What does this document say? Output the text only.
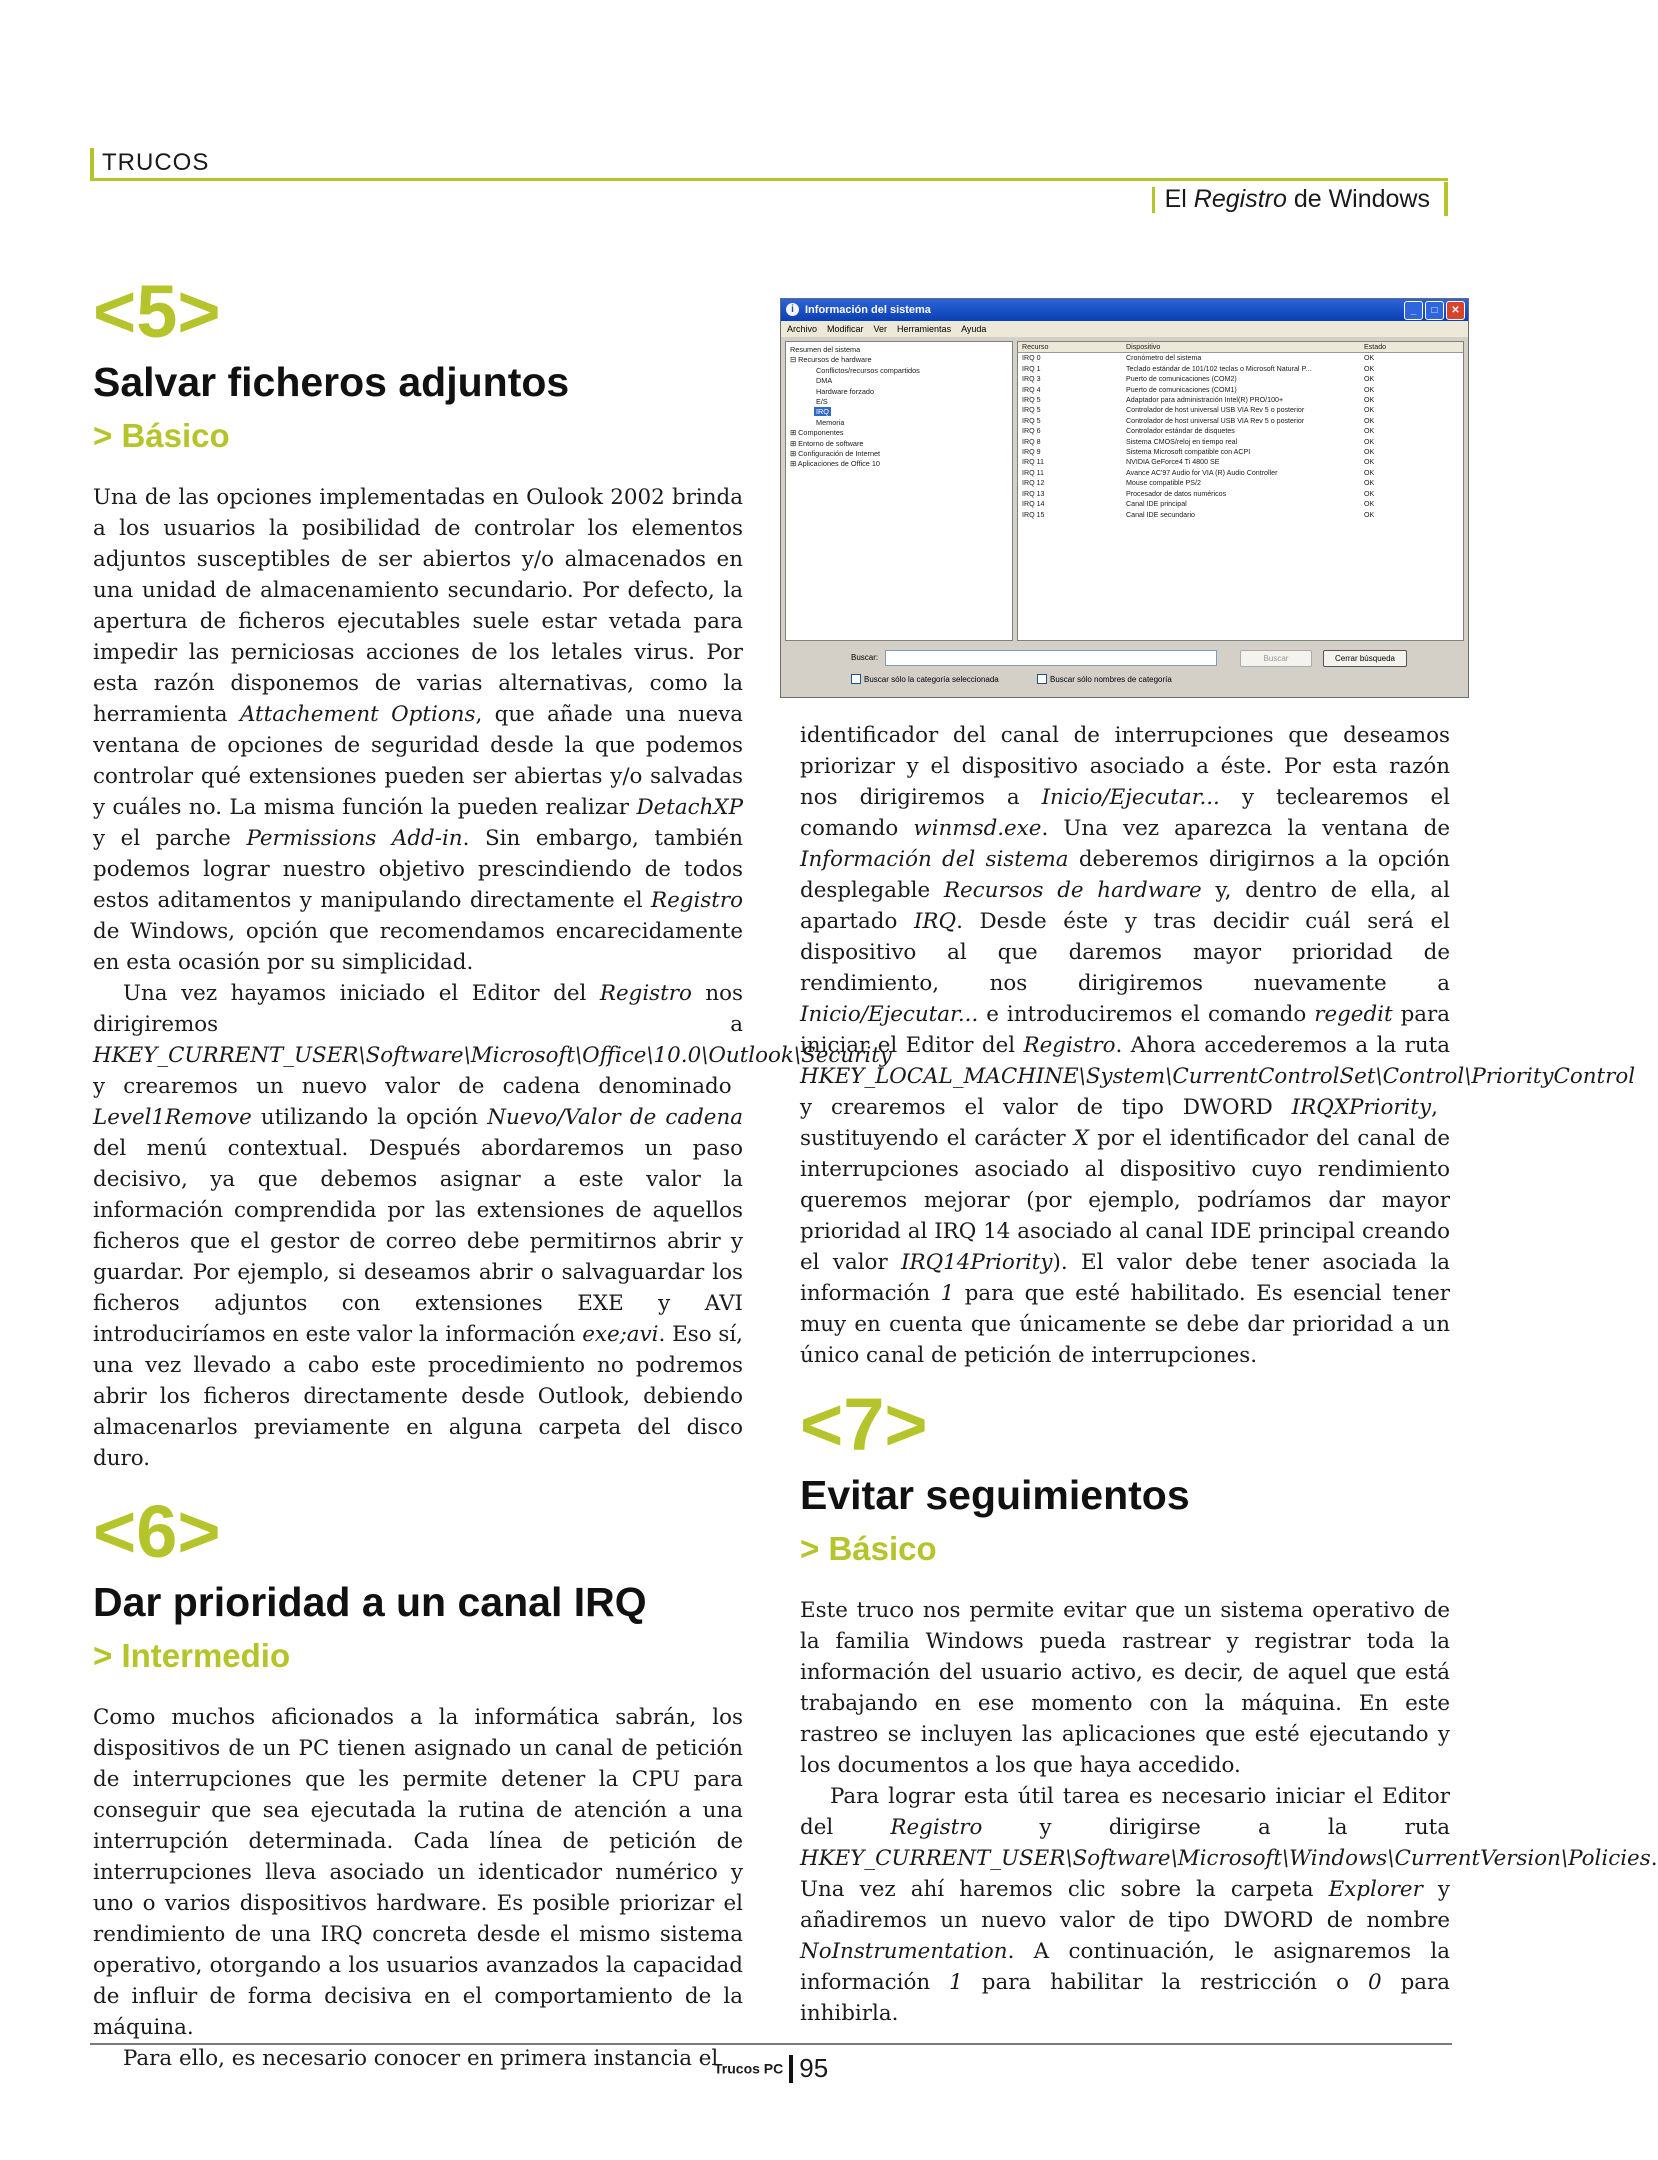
TRUCOS
El Registro de Windows
<5>
Salvar ficheros adjuntos
> Básico

Una de las opciones implementadas en Oulook 2002 brinda a los usuarios la posibilidad de controlar los elementos adjuntos susceptibles de ser abiertos y/o almacenados en una unidad de almacenamiento secundario. Por defecto, la apertura de ficheros ejecutables suele estar vetada para impedir las perniciosas acciones de los letales virus. Por esta razón disponemos de varias alternativas, como la herramienta Attachement Options, que añade una nueva ventana de opciones de seguridad desde la que podemos controlar qué extensiones pueden ser abiertas y/o salvadas y cuáles no. La misma función la pueden realizar DetachXP y el parche Permissions Add-in. Sin embargo, también podemos lograr nuestro objetivo prescindiendo de todos estos aditamentos y manipulando directamente el Registro de Windows, opción que recomendamos encarecidamente en esta ocasión por su simplicidad.

Una vez hayamos iniciado el Editor del Registro nos dirigiremos a HKEY_CURRENT_USER\Software\Microsoft\Office\10.0\Outlook\Security y crearemos un nuevo valor de cadena denominado Level1Remove utilizando la opción Nuevo/Valor de cadena del menú contextual. Después abordaremos un paso decisivo, ya que debemos asignar a este valor la información comprendida por las extensiones de aquellos ficheros que el gestor de correo debe permitirnos abrir y guardar. Por ejemplo, si deseamos abrir o salvaguardar los ficheros adjuntos con extensiones EXE y AVI introduciríamos en este valor la información exe;avi. Eso sí, una vez llevado a cabo este procedimiento no podremos abrir los ficheros directamente desde Outlook, debiendo almacenarlos previamente en alguna carpeta del disco duro.

<6>
Dar prioridad a un canal IRQ
> Intermedio

Como muchos aficionados a la informática sabrán, los dispositivos de un PC tienen asignado un canal de petición de interrupciones que les permite detener la CPU para conseguir que sea ejecutada la rutina de atención a una interrupción determinada. Cada línea de petición de interrupciones lleva asociado un identicador numérico y uno o varios dispositivos hardware. Es posible priorizar el rendimiento de una IRQ concreta desde el mismo sistema operativo, otorgando a los usuarios avanzados la capacidad de influir de forma decisiva en el comportamiento de la máquina.

Para ello, es necesario conocer en primera instancia el

i	Información del sistema	_	□	✕
Archivo Modificar Ver Herramientas Ayuda
Resumen del sistema
⊟ Recursos de hardware
Conflictos/recursos compartidos
DMA
Hardware forzado
E/S
IRQ
Memoria
⊞ Componentes
⊞ Entorno de software
⊞ Configuración de Internet
⊞ Aplicaciones de Office 10
Recurso	Dispositivo	Estado
IRQ 0	Cronómetro del sistema	OK
IRQ 1	Teclado estándar de 101/102 teclas o Microsoft Natural P...	OK
IRQ 3	Puerto de comunicaciones (COM2)	OK
IRQ 4	Puerto de comunicaciones (COM1)	OK
IRQ 5	Adaptador para administración Intel(R) PRO/100+	OK
IRQ 5	Controlador de host universal USB VIA Rev 5 o posterior	OK
IRQ 5	Controlador de host universal USB VIA Rev 5 o posterior	OK
IRQ 6	Controlador estándar de disquetes	OK
IRQ 8	Sistema CMOS/reloj en tiempo real	OK
IRQ 9	Sistema Microsoft compatible con ACPI	OK
IRQ 11	NVIDIA GeForce4 Ti 4800 SE	OK
IRQ 11	Avance AC'97 Audio for VIA (R) Audio Controller	OK
IRQ 12	Mouse compatible PS/2	OK
IRQ 13	Procesador de datos numéricos	OK
IRQ 14	Canal IDE principal	OK
IRQ 15	Canal IDE secundario	OK
Buscar:	Buscar	Cerrar búsqueda
Buscar sólo la categoría seleccionada	Buscar sólo nombres de categoría

identificador del canal de interrupciones que deseamos priorizar y el dispositivo asociado a éste. Por esta razón nos dirigiremos a Inicio/Ejecutar... y teclearemos el comando winmsd.exe. Una vez aparezca la ventana de Información del sistema deberemos dirigirnos a la opción desplegable Recursos de hardware y, dentro de ella, al apartado IRQ. Desde éste y tras decidir cuál será el dispositivo al que daremos mayor prioridad de rendimiento, nos dirigiremos nuevamente a Inicio/Ejecutar... e introduciremos el comando regedit para iniciar el Editor del Registro. Ahora accederemos a la ruta HKEY_LOCAL_MACHINE\System\CurrentControlSet\Control\PriorityControl y crearemos el valor de tipo DWORD IRQXPriority, sustituyendo el carácter X por el identificador del canal de interrupciones asociado al dispositivo cuyo rendimiento queremos mejorar (por ejemplo, podríamos dar mayor prioridad al IRQ 14 asociado al canal IDE principal creando el valor IRQ14Priority). El valor debe tener asociada la información 1 para que esté habilitado. Es esencial tener muy en cuenta que únicamente se debe dar prioridad a un único canal de petición de interrupciones.

<7>
Evitar seguimientos
> Básico

Este truco nos permite evitar que un sistema operativo de la familia Windows pueda rastrear y registrar toda la información del usuario activo, es decir, de aquel que está trabajando en ese momento con la máquina. En este rastreo se incluyen las aplicaciones que esté ejecutando y los documentos a los que haya accedido.

Para lograr esta útil tarea es necesario iniciar el Editor del Registro y dirigirse a la ruta HKEY_CURRENT_USER\Software\Microsoft\Windows\CurrentVersion\Policies. Una vez ahí haremos clic sobre la carpeta Explorer y añadiremos un nuevo valor de tipo DWORD de nombre NoInstrumentation. A continuación, le asignaremos la información 1 para habilitar la restricción o 0 para inhibirla.

Trucos PC 95
